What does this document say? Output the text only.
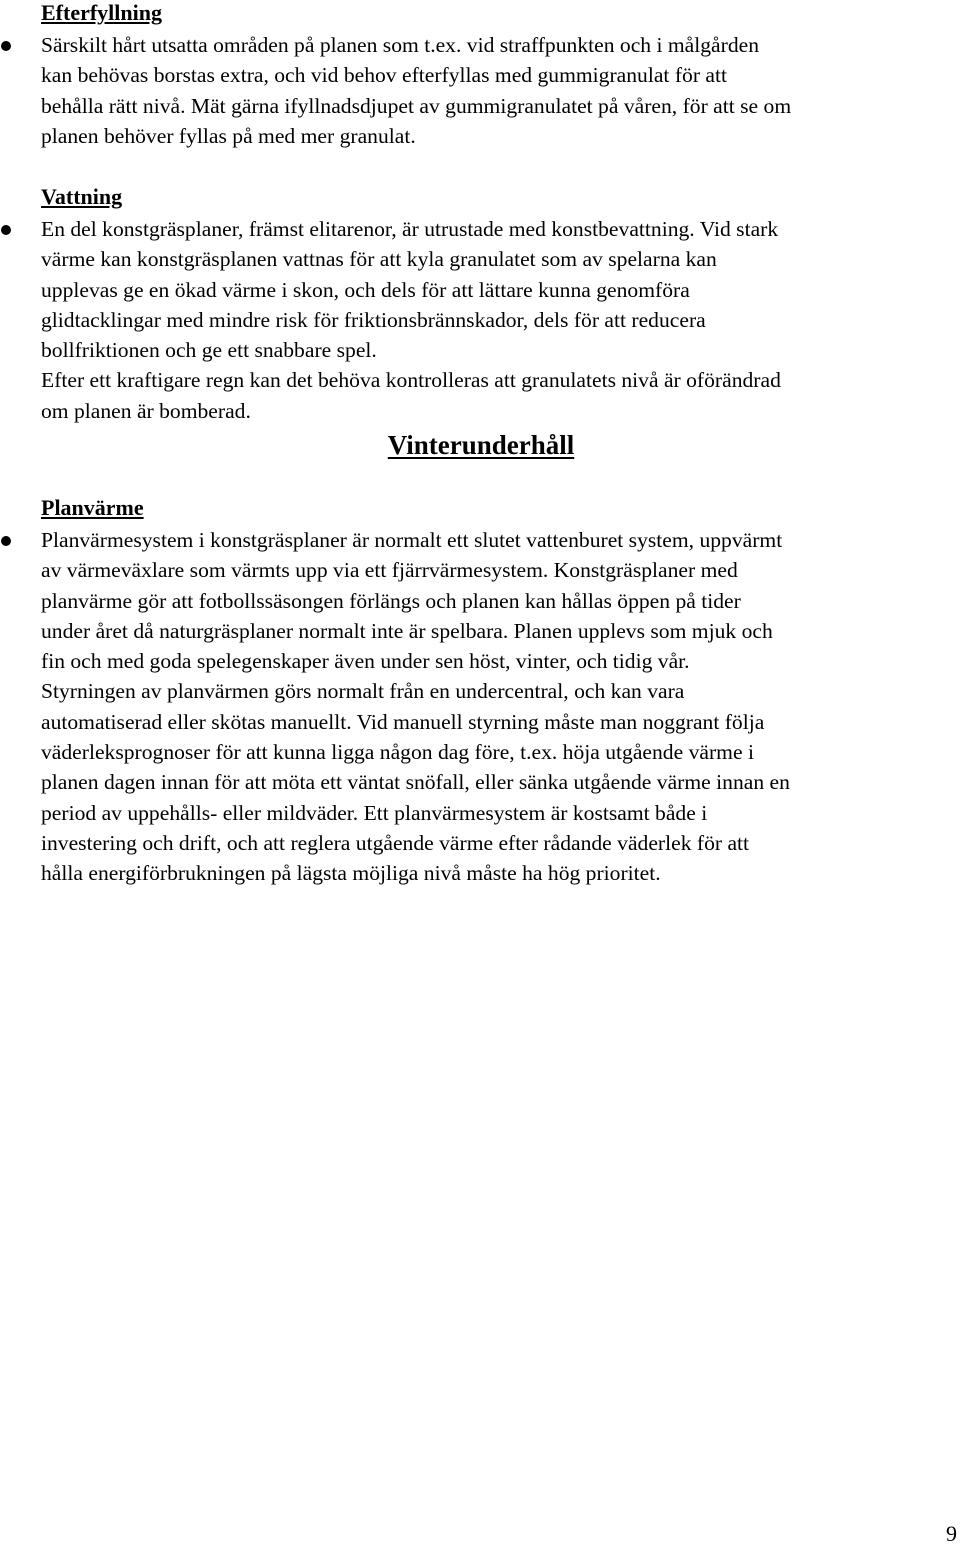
Efterfyllning
Särskilt hårt utsatta områden på planen som t.ex. vid straffpunkten och i målgården
kan behövas borstas extra, och vid behov efterfyllas med gummigranulat för att
behålla rätt nivå. Mät gärna ifyllnadsdjupet av gummigranulatet på våren, för att se om
planen behöver fyllas på med mer granulat.
Vattning
En del konstgräsplaner, främst elitarenor, är utrustade med konstbevattning. Vid stark
värme kan konstgräsplanen vattnas för att kyla granulatet som av spelarna kan
upplevas ge en ökad värme i skon, och dels för att lättare kunna genomföra
glidtacklingar med mindre risk för friktionsbrännskador, dels för att reducera
bollfriktionen och ge ett snabbare spel.
Efter ett kraftigare regn kan det behöva kontrolleras att granulatets nivå är oförändrad
om planen är bomberad.
Vinterunderhåll
Planvärme
Planvärmesystem i konstgräsplaner är normalt ett slutet vattenburet system, uppvärmt
av värmeväxlare som värmts upp via ett fjärrvärmesystem. Konstgräsplaner med
planvärme gör att fotbollssäsongen förlängs och planen kan hållas öppen på tider
under året då naturgräsplaner normalt inte är spelbara. Planen upplevs som mjuk och
fin och med goda spelegenskaper även under sen höst, vinter, och tidig vår.
Styrningen av planvärmen görs normalt från en undercentral, och kan vara
automatiserad eller skötas manuellt. Vid manuell styrning måste man noggrant följa
väderleksprognoser för att kunna ligga någon dag före, t.ex. höja utgående värme i
planen dagen innan för att möta ett väntat snöfall, eller sänka utgående värme innan en
period av uppehålls- eller mildväder. Ett planvärmesystem är kostsamt både i
investering och drift, och att reglera utgående värme efter rådande väderlek för att
hålla energiförbrukningen på lägsta möjliga nivå måste ha hög prioritet.
9
